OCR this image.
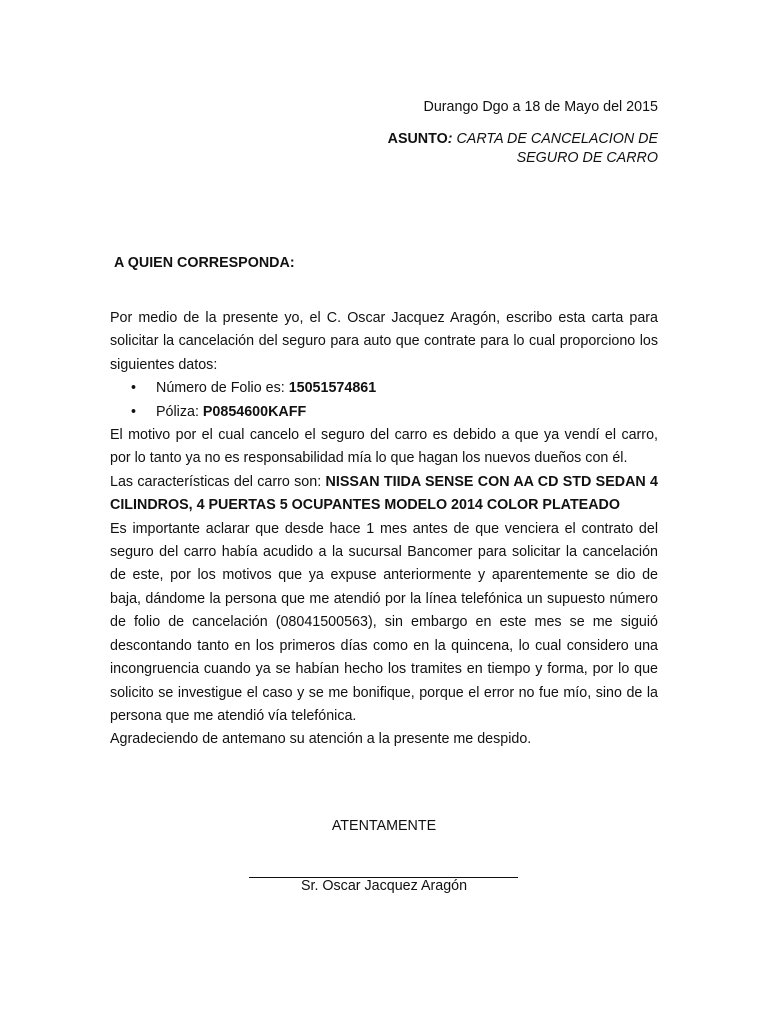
Durango Dgo a 18 de Mayo del 2015
ASUNTO: CARTA DE CANCELACION DE
SEGURO DE CARRO
A QUIEN CORRESPONDA:

Por medio de la presente yo, el C. Oscar Jacquez Aragón, escribo esta carta para solicitar la cancelación del seguro para auto que contrate para lo cual proporciono los siguientes datos:

• Número de Folio es: 15051574861
• Póliza: P0854600KAFF

El motivo por el cual cancelo el seguro del carro es debido a que ya vendí el carro, por lo tanto ya no es responsabilidad mía lo que hagan los nuevos dueños con él.

Las características del carro son: NISSAN TIIDA SENSE CON AA CD STD SEDAN 4 CILINDROS, 4 PUERTAS 5 OCUPANTES MODELO 2014 COLOR PLATEADO

Es importante aclarar que desde hace 1 mes antes de que venciera el contrato del seguro del carro había acudido a la sucursal Bancomer para solicitar la cancelación de este, por los motivos que ya expuse anteriormente y aparentemente se dio de baja, dándome la persona que me atendió por la línea telefónica un supuesto número de folio de cancelación (08041500563), sin embargo en este mes se me siguió descontando tanto en los primeros días como en la quincena, lo cual considero una incongruencia cuando ya se habían hecho los tramites en tiempo y forma, por lo que solicito se investigue el caso y se me bonifique, porque el error no fue mío, sino de la persona que me atendió vía telefónica.

Agradeciendo de antemano su atención a la presente me despido.

ATENTAMENTE
Sr. Oscar Jacquez Aragón
